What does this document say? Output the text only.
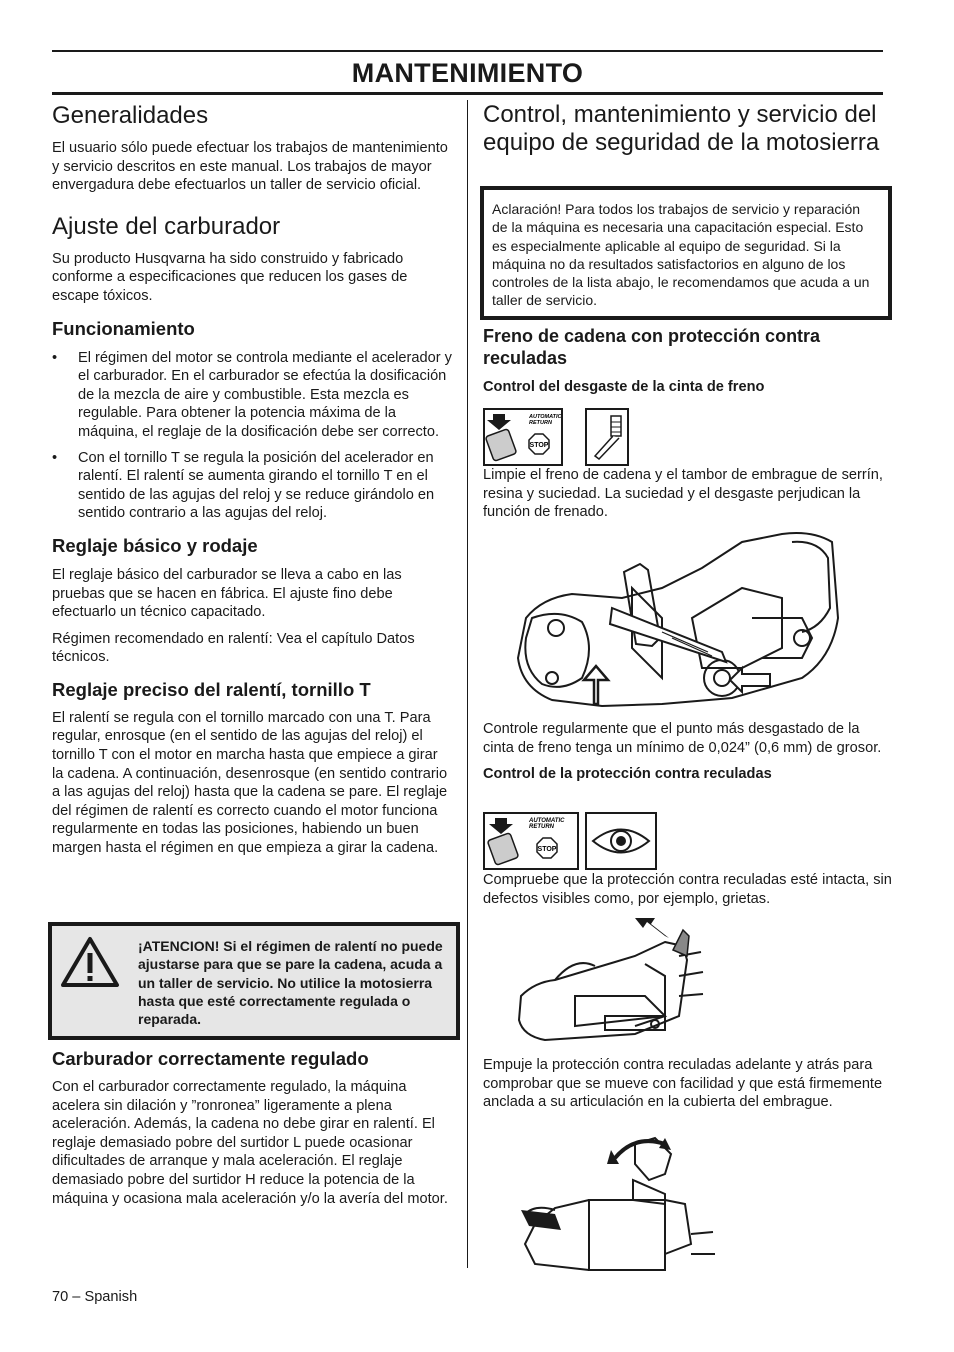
MANTENIMIENTO
Generalidades

El usuario sólo puede efectuar los trabajos de mantenimiento y servicio descritos en este manual. Los trabajos de mayor envergadura debe efectuarlos un taller de servicio oficial.

Ajuste del carburador

Su producto Husqvarna ha sido construido y fabricado conforme a especificaciones que reducen los gases de escape tóxicos.

Funcionamiento
• El régimen del motor se controla mediante el acelerador y el carburador. En el carburador se efectúa la dosificación de la mezcla de aire y combustible. Esta mezcla es regulable. Para obtener la potencia máxima de la máquina, el reglaje de la dosificación debe ser correcto.

• Con el tornillo T se regula la posición del acelerador en ralentí. El ralentí se aumenta girando el tornillo T en el sentido de las agujas del reloj y se reduce girándolo en sentido contrario a las agujas del reloj.

Reglaje básico y rodaje

El reglaje básico del carburador se lleva a cabo en las pruebas que se hacen en fábrica. El ajuste fino debe efectuarlo un técnico capacitado.

Régimen recomendado en ralentí: Vea el capítulo Datos técnicos.

Reglaje preciso del ralentí, tornillo T

El ralentí se regula con el tornillo marcado con una T. Para regular, enrosque (en el sentido de las agujas del reloj) el tornillo T con el motor en marcha hasta que empiece a girar la cadena. A continuación, desenrosque (en sentido contrario a las agujas del reloj) hasta que la cadena se pare. El reglaje del régimen de ralentí es correcto cuando el motor funciona regularmente en todas las posiciones, habiendo un buen margen hasta el régimen en que empieza a girar la cadena.

¡ATENCION! Si el régimen de ralentí no puede ajustarse para que se pare la cadena, acuda a un taller de servicio. No utilice la motosierra hasta que esté correctamente regulada o reparada.

Carburador correctamente regulado

Con el carburador correctamente regulado, la máquina acelera sin dilación y ”ronronea” ligeramente a plena aceleración. Además, la cadena no debe girar en ralentí. El reglaje demasiado pobre del surtidor L puede ocasionar dificultades de arranque y mala aceleración. El reglaje demasiado pobre del surtidor H reduce la potencia de la máquina y ocasiona mala aceleración y/o la avería del motor.

Control, mantenimiento y servicio del equipo de seguridad de la motosierra

Aclaración! Para todos los trabajos de servicio y reparación de la máquina es necesaria una capacitación especial. Esto es especialmente aplicable al equipo de seguridad. Si la máquina no da resultados satisfactorios en alguno de los controles de la lista abajo, le recomendamos que acuda a un taller de servicio.

Freno de cadena con protección contra reculadas

Control del desgaste de la cinta de freno

STOP
AUTOMATIC
RETURN

Limpie el freno de cadena y el tambor de embrague de serrín, resina y suciedad. La suciedad y el desgaste perjudican la función de frenado.

Controle regularmente que el punto más desgastado de la cinta de freno tenga un mínimo de 0,024” (0,6 mm) de grosor.

Control de la protección contra reculadas

STOP
AUTOMATIC
RETURN

Compruebe que la protección contra reculadas esté intacta, sin defectos visibles como, por ejemplo, grietas.

Empuje la protección contra reculadas adelante y atrás para comprobar que se mueve con facilidad y que está firmemente anclada a su articulación en la cubierta del embrague.

70 – Spanish
